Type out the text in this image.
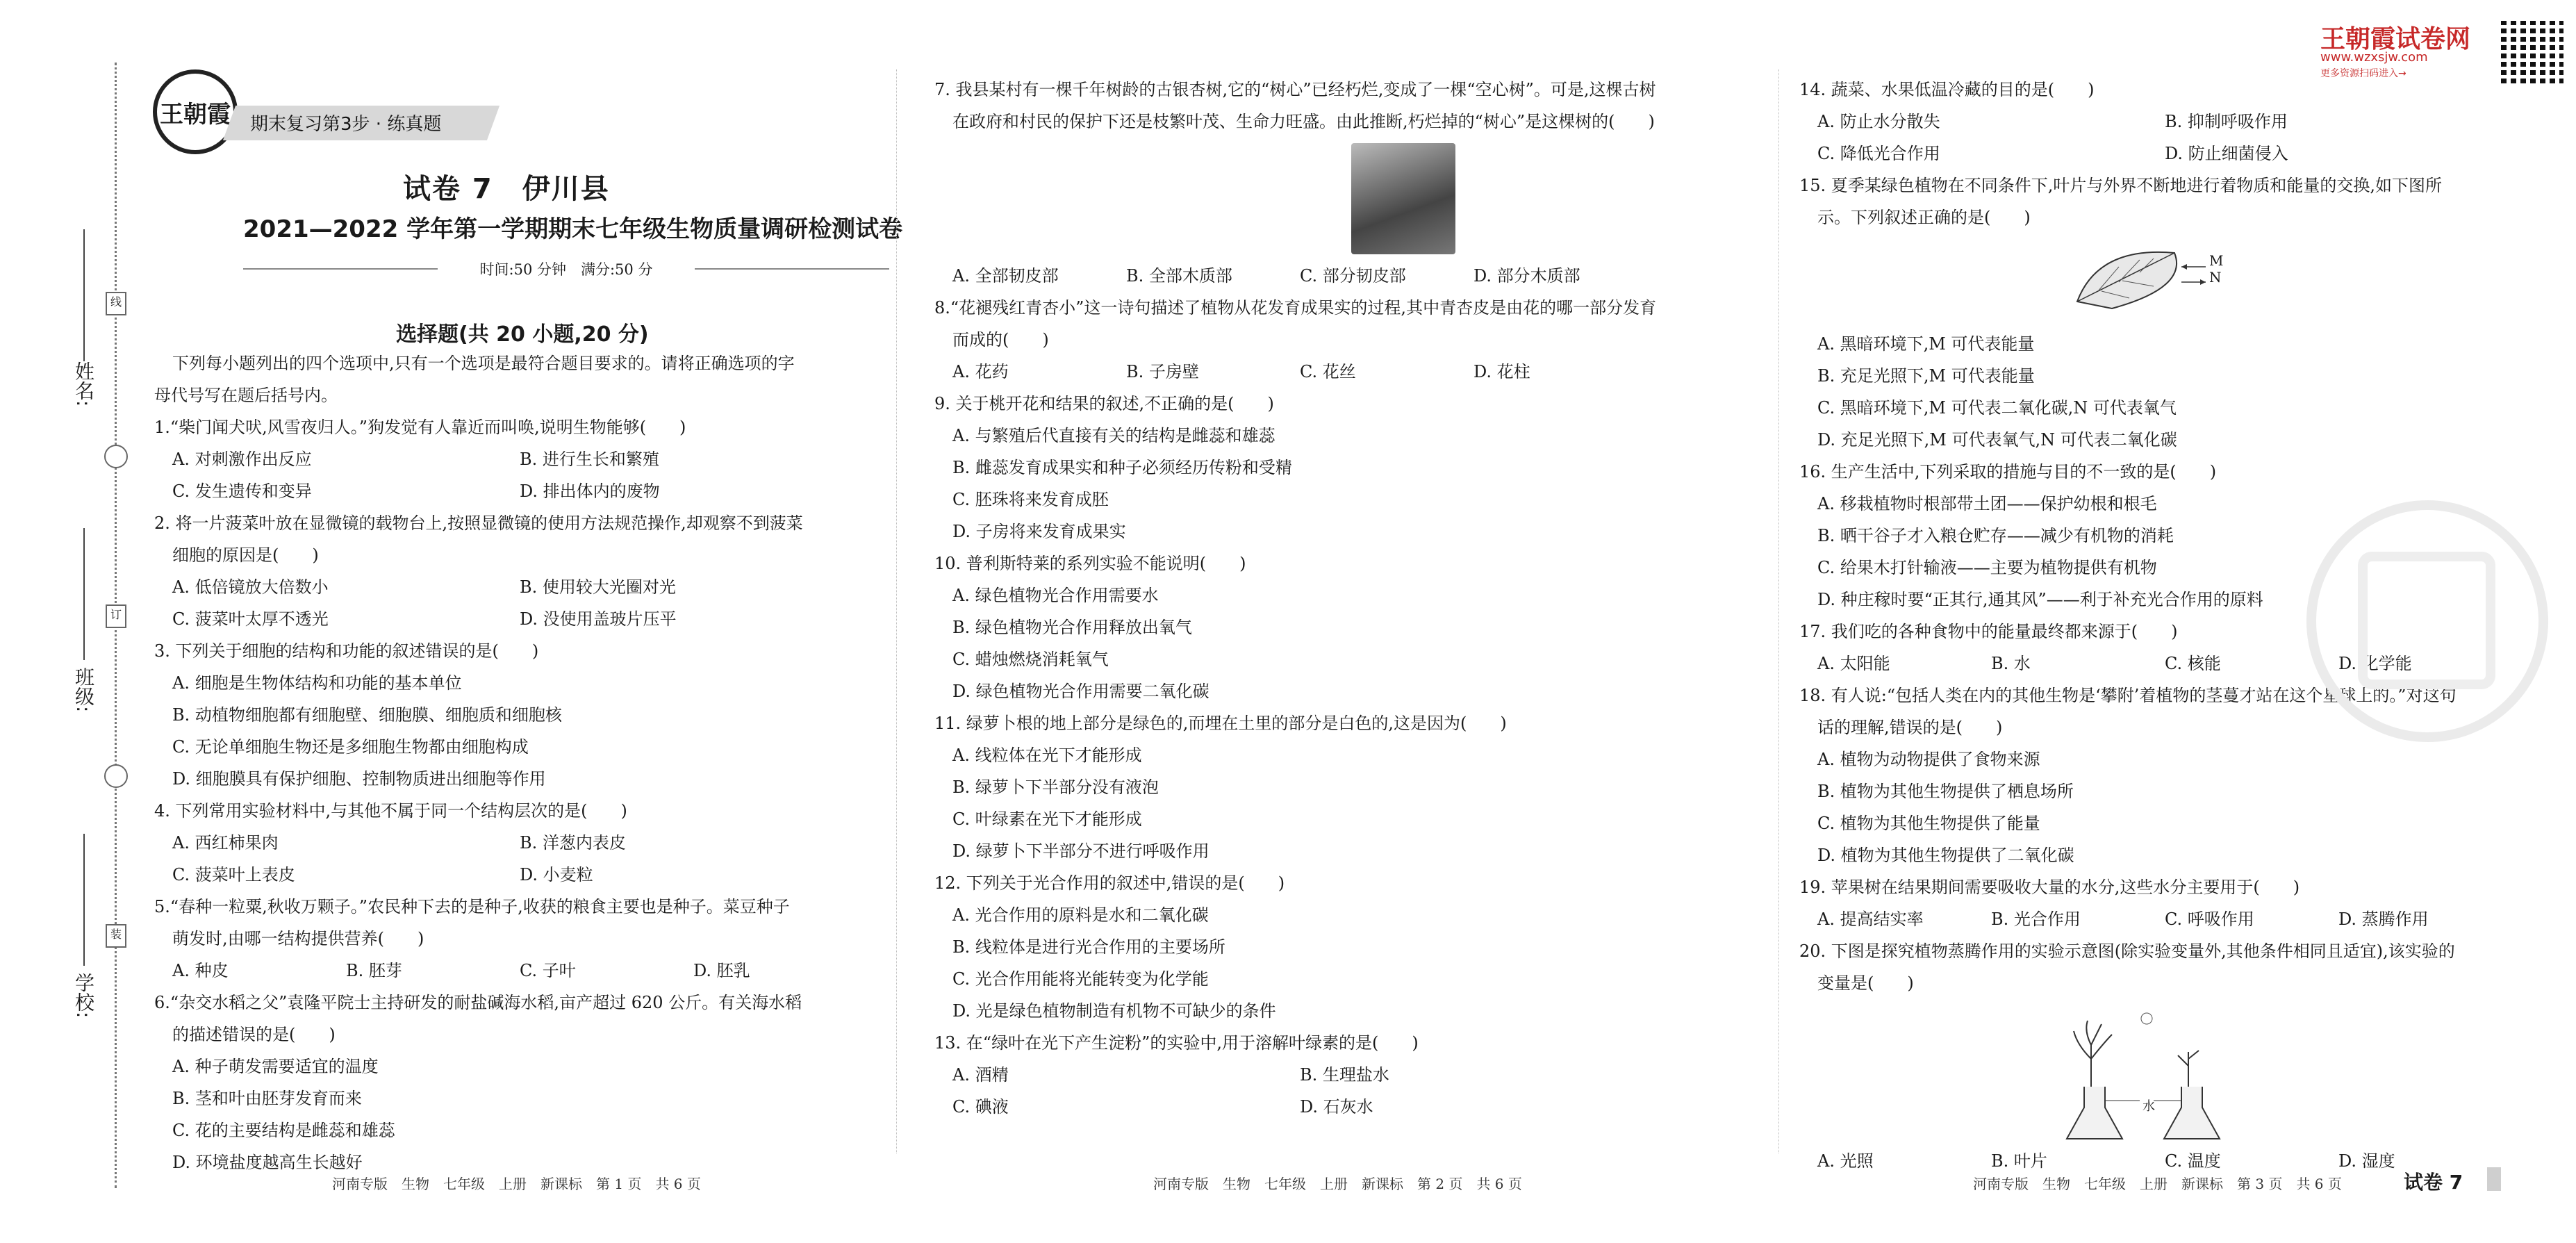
王朝霞试卷网
www.wzxsjw.com
更多资源扫码进入→
姓名:
班级:
学校:
线
订
装
王朝霞 期末复习第3步 · 练真题
试卷 7　伊川县
2021—2022 学年第一学期期末七年级生物质量调研检测试卷
时间:50 分钟　满分:50 分
选择题(共 20 小题,20 分)

下列每小题列出的四个选项中,只有一个选项是最符合题目要求的。请将正确选项的字

母代号写在题后括号内。

1.“柴门闻犬吠,风雪夜归人。”狗发觉有人靠近而叫唤,说明生物能够(　　)

A. 对刺激作出反应	B. 进行生长和繁殖

C. 发生遗传和变异	D. 排出体内的废物

2. 将一片菠菜叶放在显微镜的载物台上,按照显微镜的使用方法规范操作,却观察不到菠菜

细胞的原因是(　　)

A. 低倍镜放大倍数小	B. 使用较大光圈对光

C. 菠菜叶太厚不透光	D. 没使用盖玻片压平

3. 下列关于细胞的结构和功能的叙述错误的是(　　)

A. 细胞是生物体结构和功能的基本单位

B. 动植物细胞都有细胞壁、细胞膜、细胞质和细胞核

C. 无论单细胞生物还是多细胞生物都由细胞构成

D. 细胞膜具有保护细胞、控制物质进出细胞等作用

4. 下列常用实验材料中,与其他不属于同一个结构层次的是(　　)

A. 西红柿果肉	B. 洋葱内表皮

C. 菠菜叶上表皮	D. 小麦粒

5.“春种一粒粟,秋收万颗子。”农民种下去的是种子,收获的粮食主要也是种子。菜豆种子

萌发时,由哪一结构提供营养(　　)

A. 种皮	B. 胚芽	C. 子叶	D. 胚乳

6.“杂交水稻之父”袁隆平院士主持研发的耐盐碱海水稻,亩产超过 620 公斤。有关海水稻

的描述错误的是(　　)

A. 种子萌发需要适宜的温度

B. 茎和叶由胚芽发育而来

C. 花的主要结构是雌蕊和雄蕊

D. 环境盐度越高生长越好

7. 我县某村有一棵千年树龄的古银杏树,它的“树心”已经朽烂,变成了一棵“空心树”。可是,这棵古树

在政府和村民的保护下还是枝繁叶茂、生命力旺盛。由此推断,朽烂掉的“树心”是这棵树的(　　)

A. 全部韧皮部	B. 全部木质部	C. 部分韧皮部	D. 部分木质部

8.“花褪残红青杏小”这一诗句描述了植物从花发育成果实的过程,其中青杏皮是由花的哪一部分发育

而成的(　　)

A. 花药	B. 子房壁	C. 花丝	D. 花柱

9. 关于桃开花和结果的叙述,不正确的是(　　)

A. 与繁殖后代直接有关的结构是雌蕊和雄蕊

B. 雌蕊发育成果实和种子必须经历传粉和受精

C. 胚珠将来发育成胚

D. 子房将来发育成果实

10. 普利斯特莱的系列实验不能说明(　　)

A. 绿色植物光合作用需要水

B. 绿色植物光合作用释放出氧气

C. 蜡烛燃烧消耗氧气

D. 绿色植物光合作用需要二氧化碳

11. 绿萝卜根的地上部分是绿色的,而埋在土里的部分是白色的,这是因为(　　)

A. 线粒体在光下才能形成

B. 绿萝卜下半部分没有液泡

C. 叶绿素在光下才能形成

D. 绿萝卜下半部分不进行呼吸作用

12. 下列关于光合作用的叙述中,错误的是(　　)

A. 光合作用的原料是水和二氧化碳

B. 线粒体是进行光合作用的主要场所

C. 光合作用能将光能转变为化学能

D. 光是绿色植物制造有机物不可缺少的条件

13. 在“绿叶在光下产生淀粉”的实验中,用于溶解叶绿素的是(　　)

A. 酒精	B. 生理盐水

C. 碘液	D. 石灰水

14. 蔬菜、水果低温冷藏的目的是(　　)

A. 防止水分散失	B. 抑制呼吸作用

C. 降低光合作用	D. 防止细菌侵入

15. 夏季某绿色植物在不同条件下,叶片与外界不断地进行着物质和能量的交换,如下图所

示。下列叙述正确的是(　　)

M
N

A. 黑暗环境下,M 可代表能量

B. 充足光照下,M 可代表能量

C. 黑暗环境下,M 可代表二氧化碳,N 可代表氧气

D. 充足光照下,M 可代表氧气,N 可代表二氧化碳

16. 生产生活中,下列采取的措施与目的不一致的是(　　)

A. 移栽植物时根部带土团——保护幼根和根毛

B. 晒干谷子才入粮仓贮存——减少有机物的消耗

C. 给果木打针输液——主要为植物提供有机物

D. 种庄稼时要“正其行,通其风”——利于补充光合作用的原料

17. 我们吃的各种食物中的能量最终都来源于(　　)

A. 太阳能	B. 水	C. 核能	D. 化学能

18. 有人说:“包括人类在内的其他生物是‘攀附’着植物的茎蔓才站在这个星球上的。”对这句

话的理解,错误的是(　　)

A. 植物为动物提供了食物来源

B. 植物为其他生物提供了栖息场所

C. 植物为其他生物提供了能量

D. 植物为其他生物提供了二氧化碳

19. 苹果树在结果期间需要吸收大量的水分,这些水分主要用于(　　)

A. 提高结实率	B. 光合作用	C. 呼吸作用	D. 蒸腾作用

20. 下图是探究植物蒸腾作用的实验示意图(除实验变量外,其他条件相同且适宜),该实验的

变量是(　　)

水

A. 光照	B. 叶片	C. 温度	D. 湿度

河南专版　生物　七年级　上册　新课标　第 1 页　共 6 页	河南专版　生物　七年级　上册　新课标　第 2 页　共 6 页	河南专版　生物　七年级　上册　新课标　第 3 页　共 6 页	试卷 7
